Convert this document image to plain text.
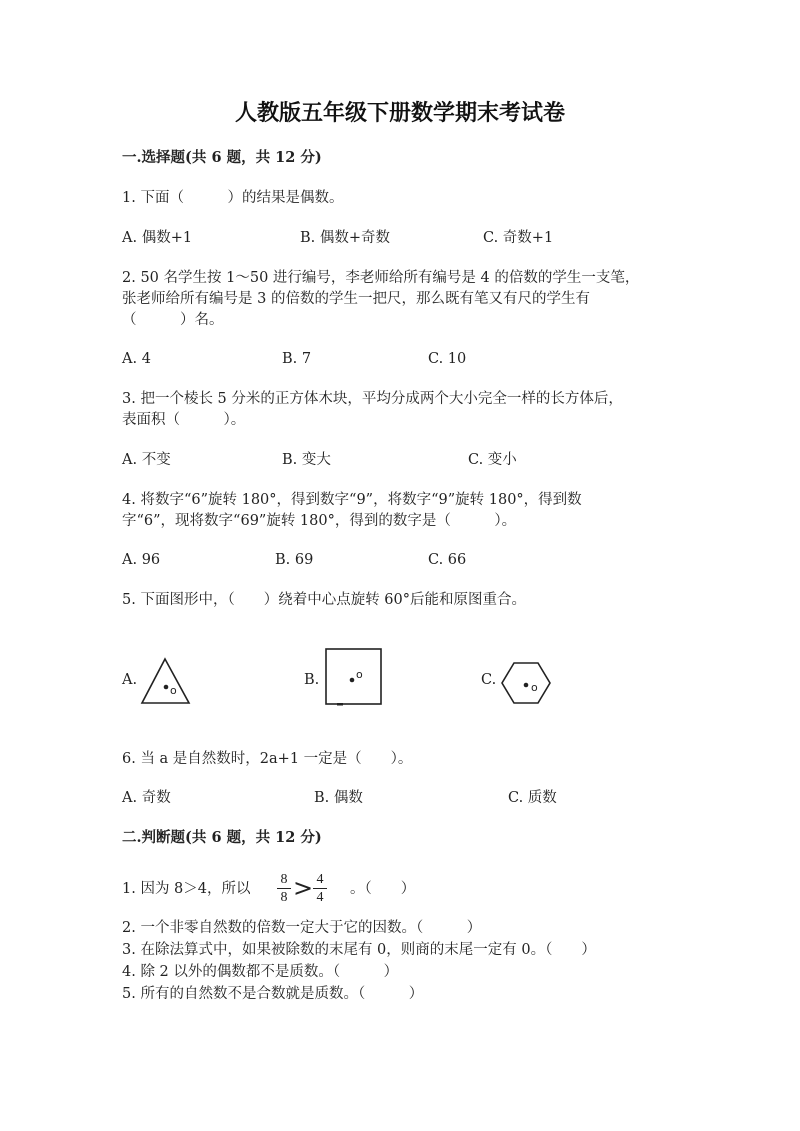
人教版五年级下册数学期末考试卷
一.选择题(共 6 题，共 12 分)
1. 下面（　　　）的结果是偶数。
A. 偶数+1	B. 偶数+奇数	C. 奇数+1
2. 50 名学生按 1～50 进行编号，李老师给所有编号是 4 的倍数的学生一支笔，
张老师给所有编号是 3 的倍数的学生一把尺，那么既有笔又有尺的学生有
（　　　）名。
A. 4	B. 7	C. 10
3. 把一个棱长 5 分米的正方体木块，平均分成两个大小完全一样的长方体后，
表面积（　　　）。
A. 不变	B. 变大	C. 变小
4. 将数字“6”旋转 180°，得到数字“9”，将数字“9”旋转 180°，得到数
字“6”，现将数字“69”旋转 180°，得到的数字是（　　　）。
A. 96	B. 69	C. 66
5. 下面图形中，（　　）绕着中心点旋转 60°后能和原图重合。
A.
o
B.	o	C.	o
6. 当 a 是自然数时，2a+1 一定是（　　）。
A. 奇数	B. 偶数	C. 质数
二.判断题(共 6 题，共 12 分)
1. 因为 8＞4，所以
8
8 > 4
4
。（　　）
2. 一个非零自然数的倍数一定大于它的因数。（　　　）
3. 在除法算式中，如果被除数的末尾有 0，则商的末尾一定有 0。（　　）
4. 除 2 以外的偶数都不是质数。（　　　）
5. 所有的自然数不是合数就是质数。（　　　）
